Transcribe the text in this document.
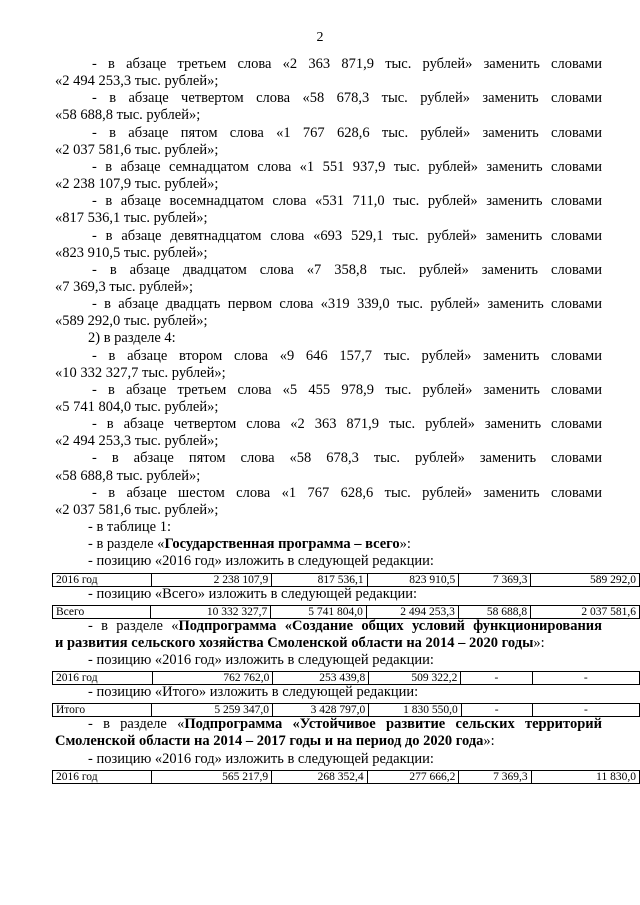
2
- в абзаце третьем слова «2 363 871,9 тыс. рублей» заменить словами
«2 494 253,3 тыс. рублей»;
- в абзаце четвертом слова «58 678,3 тыс. рублей» заменить словами
«58 688,8 тыс. рублей»;
- в абзаце пятом слова «1 767 628,6 тыс. рублей» заменить словами
«2 037 581,6 тыс. рублей»;
- в абзаце семнадцатом слова «1 551 937,9 тыс. рублей» заменить словами
«2 238 107,9 тыс. рублей»;
- в абзаце восемнадцатом слова «531 711,0 тыс. рублей» заменить словами
«817 536,1 тыс. рублей»;
- в абзаце девятнадцатом слова «693 529,1 тыс. рублей» заменить словами
«823 910,5 тыс. рублей»;
- в абзаце двадцатом слова «7 358,8 тыс. рублей» заменить словами
«7 369,3 тыс. рублей»;
- в абзаце двадцать первом слова «319 339,0 тыс. рублей» заменить словами
«589 292,0 тыс. рублей»;
2) в разделе 4:
- в абзаце втором слова «9 646 157,7 тыс. рублей» заменить словами
«10 332 327,7 тыс. рублей»;
- в абзаце третьем слова «5 455 978,9 тыс. рублей» заменить словами
«5 741 804,0 тыс. рублей»;
- в абзаце четвертом слова «2 363 871,9 тыс. рублей» заменить словами
«2 494 253,3 тыс. рублей»;
- в абзаце пятом слова «58 678,3 тыс. рублей» заменить словами
«58 688,8 тыс. рублей»;
- в абзаце шестом слова «1 767 628,6 тыс. рублей» заменить словами
«2 037 581,6 тыс. рублей»;
- в таблице 1:
- в разделе «Государственная программа – всего»:
- позицию «2016 год» изложить в следующей редакции:
2016 год	2 238 107,9	817 536,1	823 910,5	7 369,3	589 292,0
- позицию «Всего» изложить в следующей редакции:
Всего	10 332 327,7	5 741 804,0	2 494 253,3	58 688,8	2 037 581,6
- в разделе «Подпрограмма «Создание общих условий функционирования
и развития сельского хозяйства Смоленской области на 2014 – 2020 годы»:
- позицию «2016 год» изложить в следующей редакции:
2016 год	762 762,0	253 439,8	509 322,2	-	-
- позицию «Итого» изложить в следующей редакции:
Итого	5 259 347,0	3 428 797,0	1 830 550,0	-	-
- в разделе «Подпрограмма «Устойчивое развитие сельских территорий
Смоленской области на 2014 – 2017 годы и на период до 2020 года»:
- позицию «2016 год» изложить в следующей редакции:
2016 год	565 217,9	268 352,4	277 666,2	7 369,3	11 830,0
